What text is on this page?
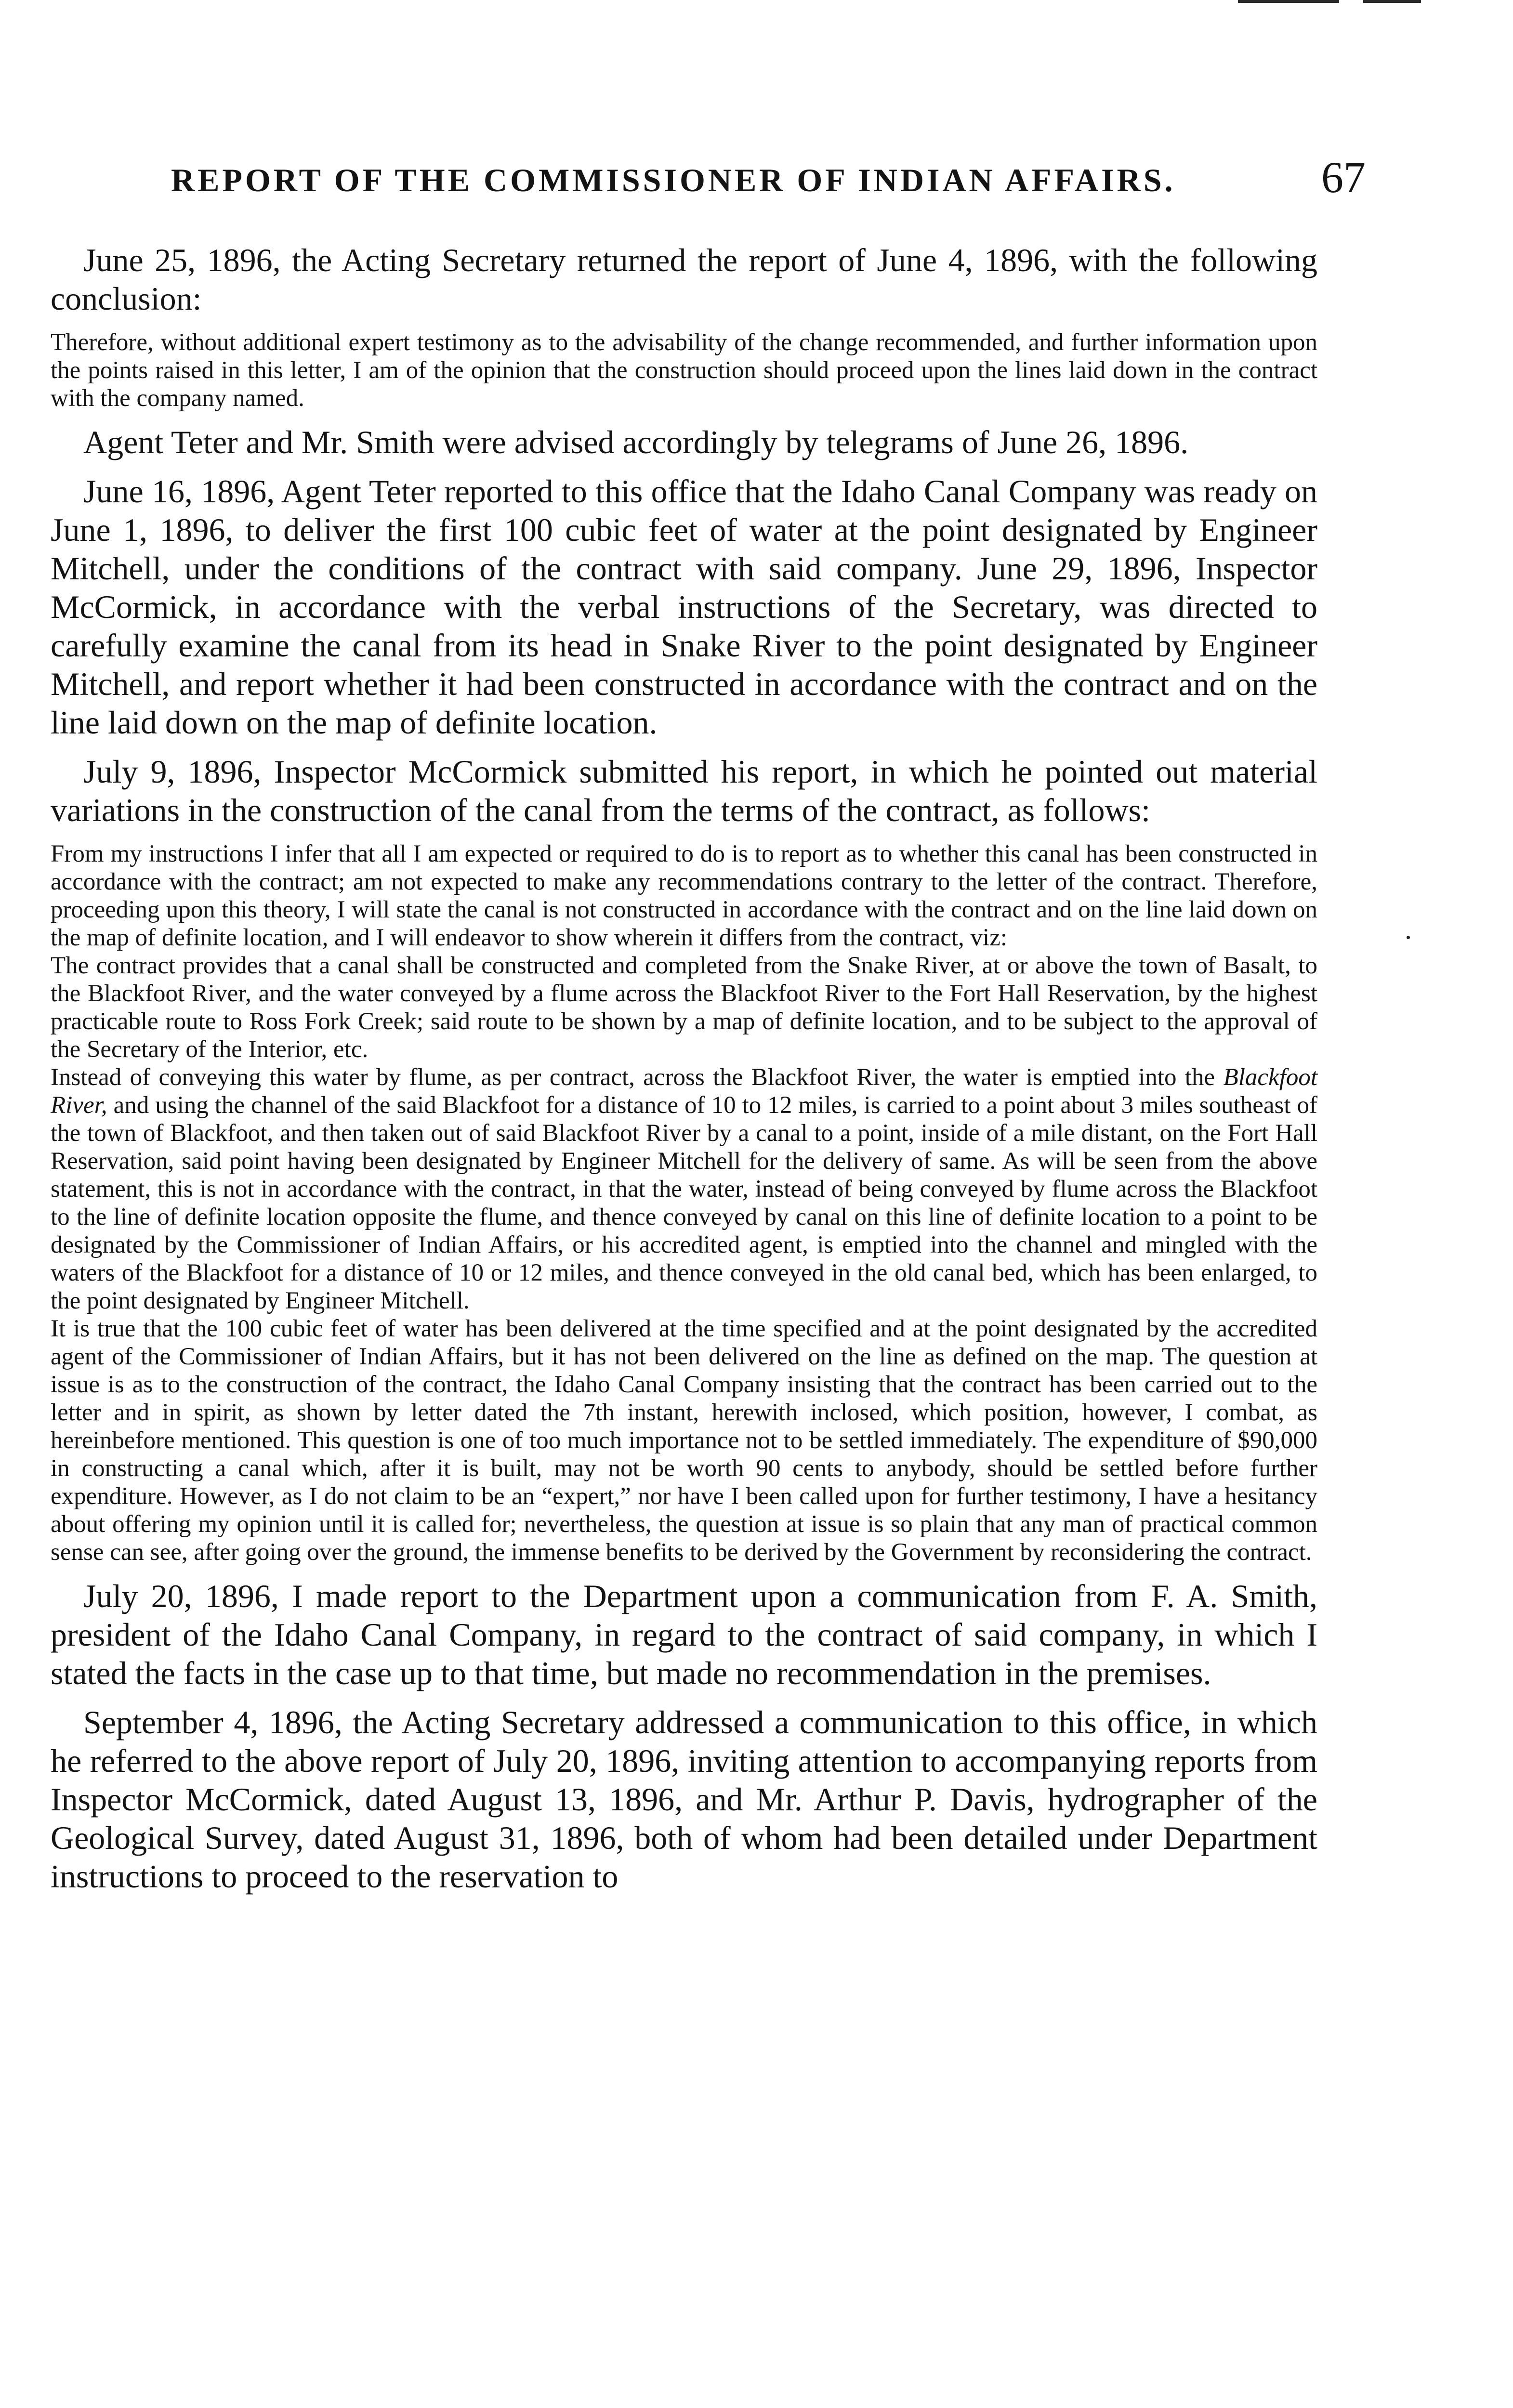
REPORT OF THE COMMISSIONER OF INDIAN AFFAIRS.	67

June 25, 1896, the Acting Secretary returned the report of June 4, 1896, with the following conclusion:

Therefore, without additional expert testimony as to the advisability of the change recommended, and further information upon the points raised in this letter, I am of the opinion that the construction should proceed upon the lines laid down in the contract with the company named.

Agent Teter and Mr. Smith were advised accordingly by telegrams of June 26, 1896.

June 16, 1896, Agent Teter reported to this office that the Idaho Canal Company was ready on June 1, 1896, to deliver the first 100 cubic feet of water at the point designated by Engineer Mitchell, under the conditions of the contract with said company. June 29, 1896, Inspector McCormick, in accordance with the verbal instructions of the Secretary, was directed to carefully examine the canal from its head in Snake River to the point designated by Engineer Mitchell, and report whether it had been constructed in accordance with the contract and on the line laid down on the map of definite location.

July 9, 1896, Inspector McCormick submitted his report, in which he pointed out material variations in the construction of the canal from the terms of the contract, as follows:

From my instructions I infer that all I am expected or required to do is to report as to whether this canal has been constructed in accordance with the contract; am not expected to make any recommendations contrary to the letter of the contract. Therefore, proceeding upon this theory, I will state the canal is not constructed in accordance with the contract and on the line laid down on the map of definite location, and I will endeavor to show wherein it differs from the contract, viz:

The contract provides that a canal shall be constructed and completed from the Snake River, at or above the town of Basalt, to the Blackfoot River, and the water conveyed by a flume across the Blackfoot River to the Fort Hall Reservation, by the highest practicable route to Ross Fork Creek; said route to be shown by a map of definite location, and to be subject to the approval of the Secretary of the Interior, etc.

Instead of conveying this water by flume, as per contract, across the Blackfoot River, the water is emptied into the Blackfoot River, and using the channel of the said Blackfoot for a distance of 10 to 12 miles, is carried to a point about 3 miles southeast of the town of Blackfoot, and then taken out of said Blackfoot River by a canal to a point, inside of a mile distant, on the Fort Hall Reservation, said point having been designated by Engineer Mitchell for the delivery of same. As will be seen from the above statement, this is not in accordance with the contract, in that the water, instead of being conveyed by flume across the Blackfoot to the line of definite location opposite the flume, and thence conveyed by canal on this line of definite location to a point to be designated by the Commissioner of Indian Affairs, or his accredited agent, is emptied into the channel and mingled with the waters of the Blackfoot for a distance of 10 or 12 miles, and thence conveyed in the old canal bed, which has been enlarged, to the point designated by Engineer Mitchell.

It is true that the 100 cubic feet of water has been delivered at the time specified and at the point designated by the accredited agent of the Commissioner of Indian Affairs, but it has not been delivered on the line as defined on the map. The question at issue is as to the construction of the contract, the Idaho Canal Company insisting that the contract has been carried out to the letter and in spirit, as shown by letter dated the 7th instant, herewith inclosed, which position, however, I combat, as hereinbefore mentioned. This question is one of too much importance not to be settled immediately. The expenditure of $90,000 in constructing a canal which, after it is built, may not be worth 90 cents to anybody, should be settled before further expenditure. However, as I do not claim to be an “expert,” nor have I been called upon for further testimony, I have a hesitancy about offering my opinion until it is called for; nevertheless, the question at issue is so plain that any man of practical common sense can see, after going over the ground, the immense benefits to be derived by the Government by reconsidering the contract.

July 20, 1896, I made report to the Department upon a communication from F. A. Smith, president of the Idaho Canal Company, in regard to the contract of said company, in which I stated the facts in the case up to that time, but made no recommendation in the premises.

September 4, 1896, the Acting Secretary addressed a communication to this office, in which he referred to the above report of July 20, 1896, inviting attention to accompanying reports from Inspector McCormick, dated August 13, 1896, and Mr. Arthur P. Davis, hydrographer of the Geological Survey, dated August 31, 1896, both of whom had been detailed under Department instructions to proceed to the reservation to
